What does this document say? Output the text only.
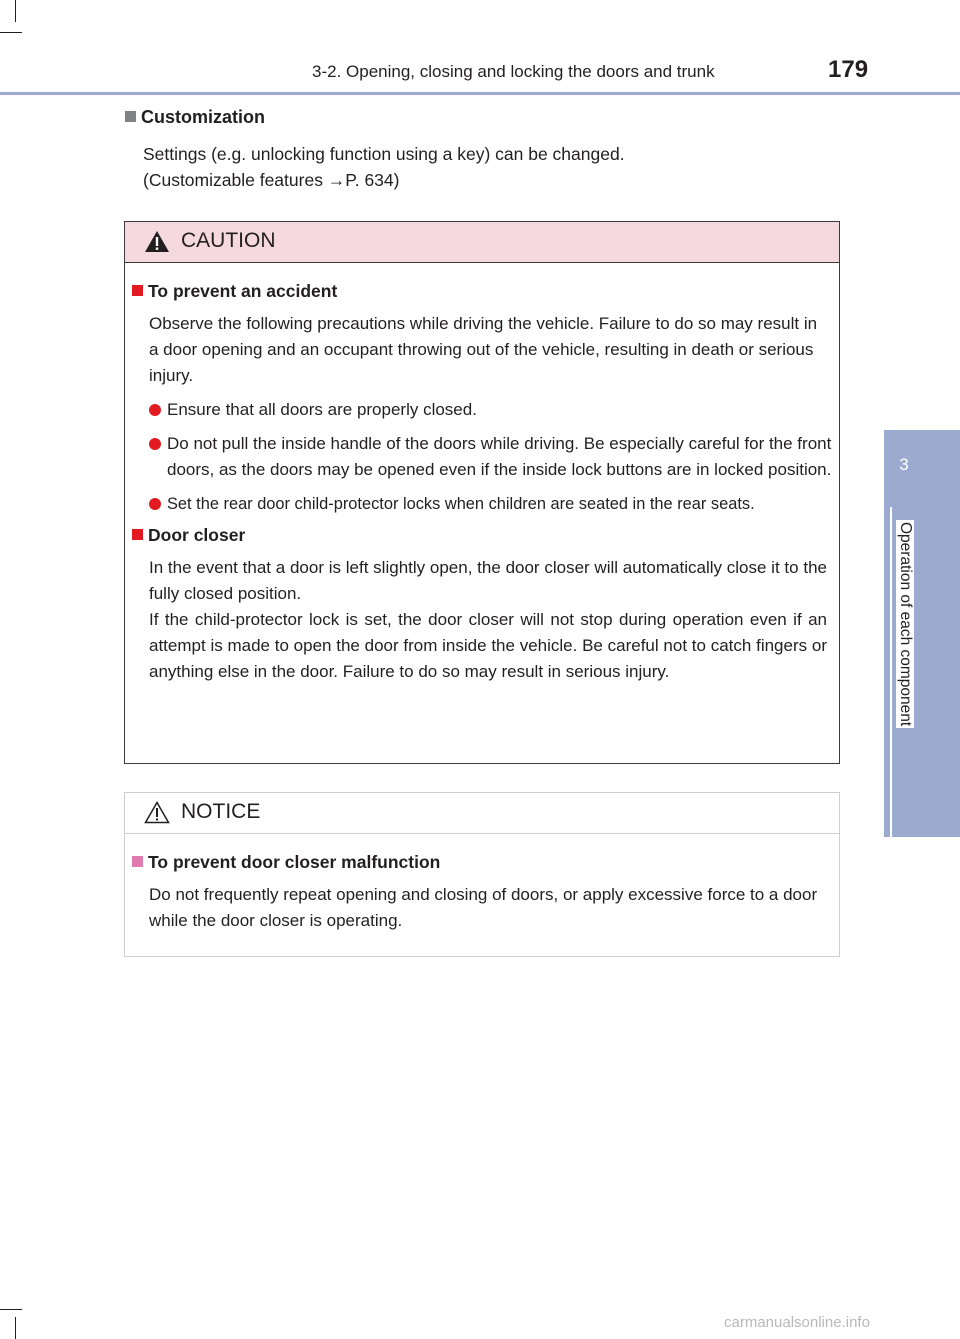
3-2. Opening, closing and locking the doors and trunk	179
3
Operation of each component
Customization
Settings (e.g. unlocking function using a key) can be changed.
(Customizable features →P. 634)
CAUTION
To prevent an accident
Observe the following precautions while driving the vehicle. Failure to do so may result in a door opening and an occupant throwing out of the vehicle, resulting in death or serious injury.
Ensure that all doors are properly closed.
Do not pull the inside handle of the doors while driving. Be especially careful for the front doors, as the doors may be opened even if the inside lock buttons are in locked position.
Set the rear door child-protector locks when children are seated in the rear seats.
Door closer
In the event that a door is left slightly open, the door closer will automatically close it to the fully closed position.
If the child-protector lock is set, the door closer will not stop during operation even if an attempt is made to open the door from inside the vehicle. Be careful not to catch fingers or anything else in the door. Failure to do so may result in serious injury.
NOTICE
To prevent door closer malfunction
Do not frequently repeat opening and closing of doors, or apply excessive force to a door while the door closer is operating.
carmanualsonline.info
